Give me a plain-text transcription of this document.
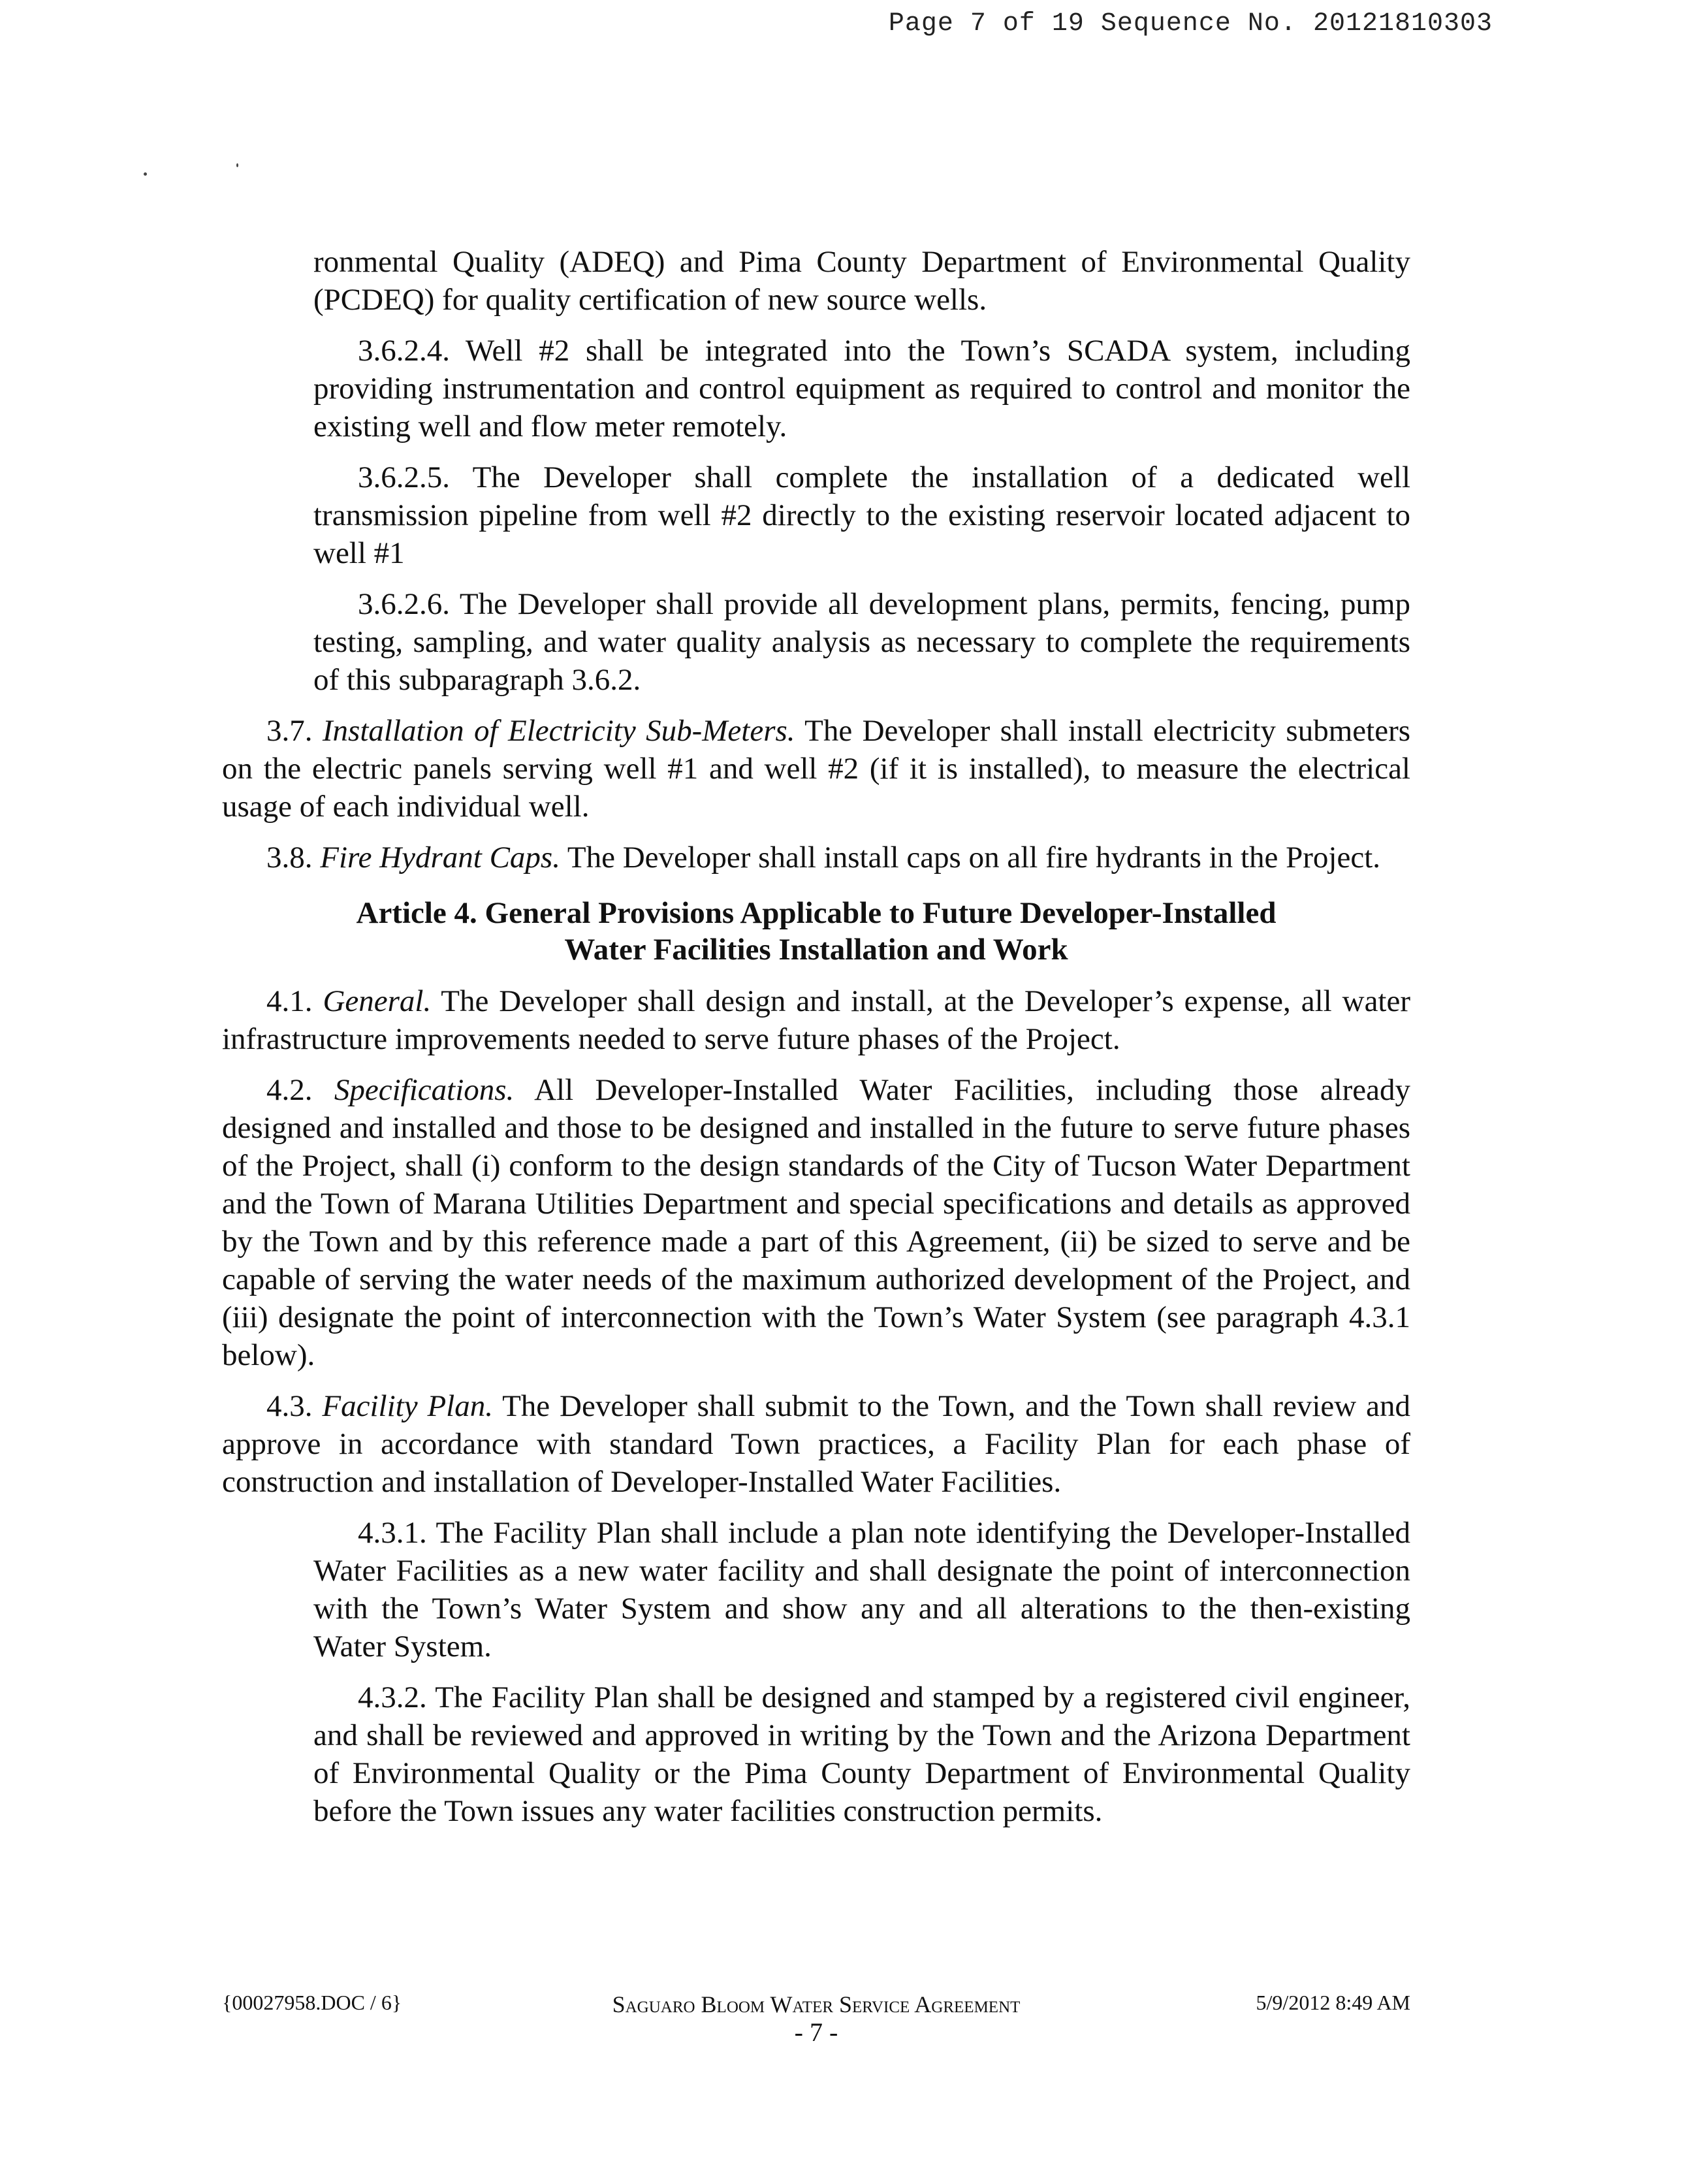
Page 7 of 19 Sequence No. 20121810303

ronmental Quality (ADEQ) and Pima County Department of Environmental Quality (PCDEQ) for quality certification of new source wells.

3.6.2.4. Well #2 shall be integrated into the Town’s SCADA system, including providing instrumentation and control equipment as required to control and monitor the existing well and flow meter remotely.

3.6.2.5. The Developer shall complete the installation of a dedicated well transmission pipeline from well #2 directly to the existing reservoir located adjacent to well #1

3.6.2.6. The Developer shall provide all development plans, permits, fencing, pump testing, sampling, and water quality analysis as necessary to complete the requirements of this subparagraph 3.6.2.

3.7. Installation of Electricity Sub-Meters. The Developer shall install electricity submeters on the electric panels serving well #1 and well #2 (if it is installed), to measure the electrical usage of each individual well.

3.8. Fire Hydrant Caps. The Developer shall install caps on all fire hydrants in the Project.

Article 4. General Provisions Applicable to Future Developer-Installed
Water Facilities Installation and Work

4.1. General. The Developer shall design and install, at the Developer’s expense, all water infrastructure improvements needed to serve future phases of the Project.

4.2. Specifications. All Developer-Installed Water Facilities, including those already designed and installed and those to be designed and installed in the future to serve future phases of the Project, shall (i) conform to the design standards of the City of Tucson Water Department and the Town of Marana Utilities Department and special specifications and details as approved by the Town and by this reference made a part of this Agreement, (ii) be sized to serve and be capable of serving the water needs of the maximum authorized development of the Project, and (iii) designate the point of interconnection with the Town’s Water System (see paragraph 4.3.1 below).

4.3. Facility Plan. The Developer shall submit to the Town, and the Town shall review and approve in accordance with standard Town practices, a Facility Plan for each phase of construction and installation of Developer-Installed Water Facilities.

4.3.1. The Facility Plan shall include a plan note identifying the Developer-Installed Water Facilities as a new water facility and shall designate the point of interconnection with the Town’s Water System and show any and all alterations to the then-existing Water System.

4.3.2. The Facility Plan shall be designed and stamped by a registered civil engineer, and shall be reviewed and approved in writing by the Town and the Arizona Department of Environmental Quality or the Pima County Department of Environmental Quality before the Town issues any water facilities construction permits.

{00027958.DOC / 6}	Saguaro Bloom Water Service Agreement	5/9/2012 8:49 AM
- 7 -
